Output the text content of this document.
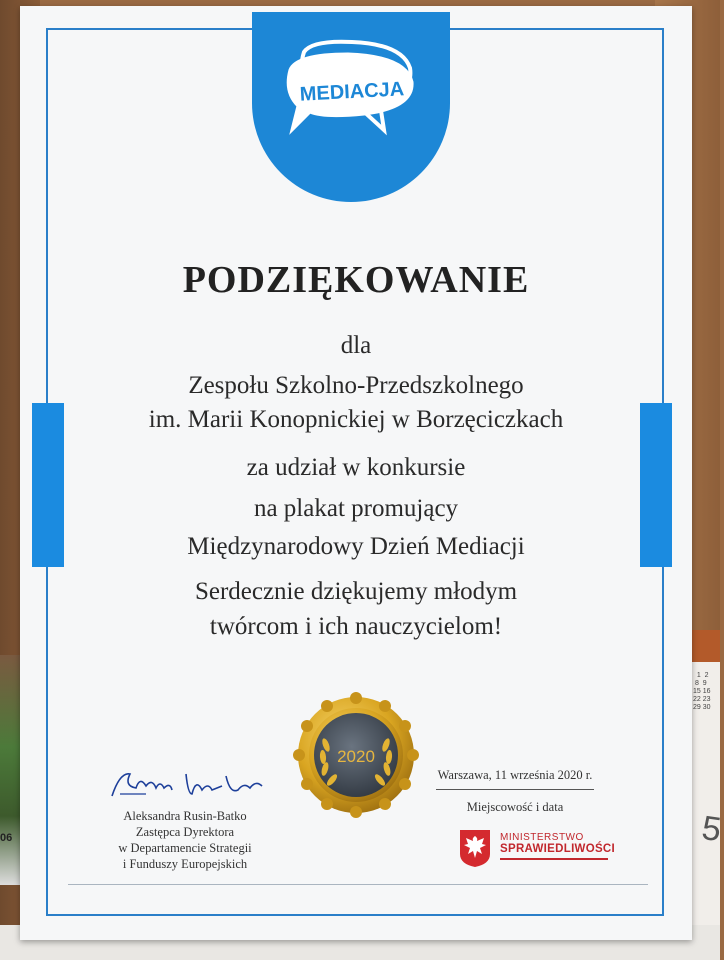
06
1  2
8  9
15 16
22 23
29 30
5
MEDIACJA
PODZIĘKOWANIE
dla
Zespołu Szkolno-Przedszkolnego
im. Marii Konopnickiej w Borzęciczkach
za udział w konkursie
na plakat promujący
Międzynarodowy Dzień Mediacji
Serdecznie dziękujemy młodym
twórcom i ich nauczycielom!
2020
Aleksandra Rusin-Batko
Zastępca Dyrektora
w Departamencie Strategii
i Funduszy Europejskich
Warszawa, 11 września 2020 r.
Miejscowość i data
MINISTERSTWO
SPRAWIEDLIWOŚCI
